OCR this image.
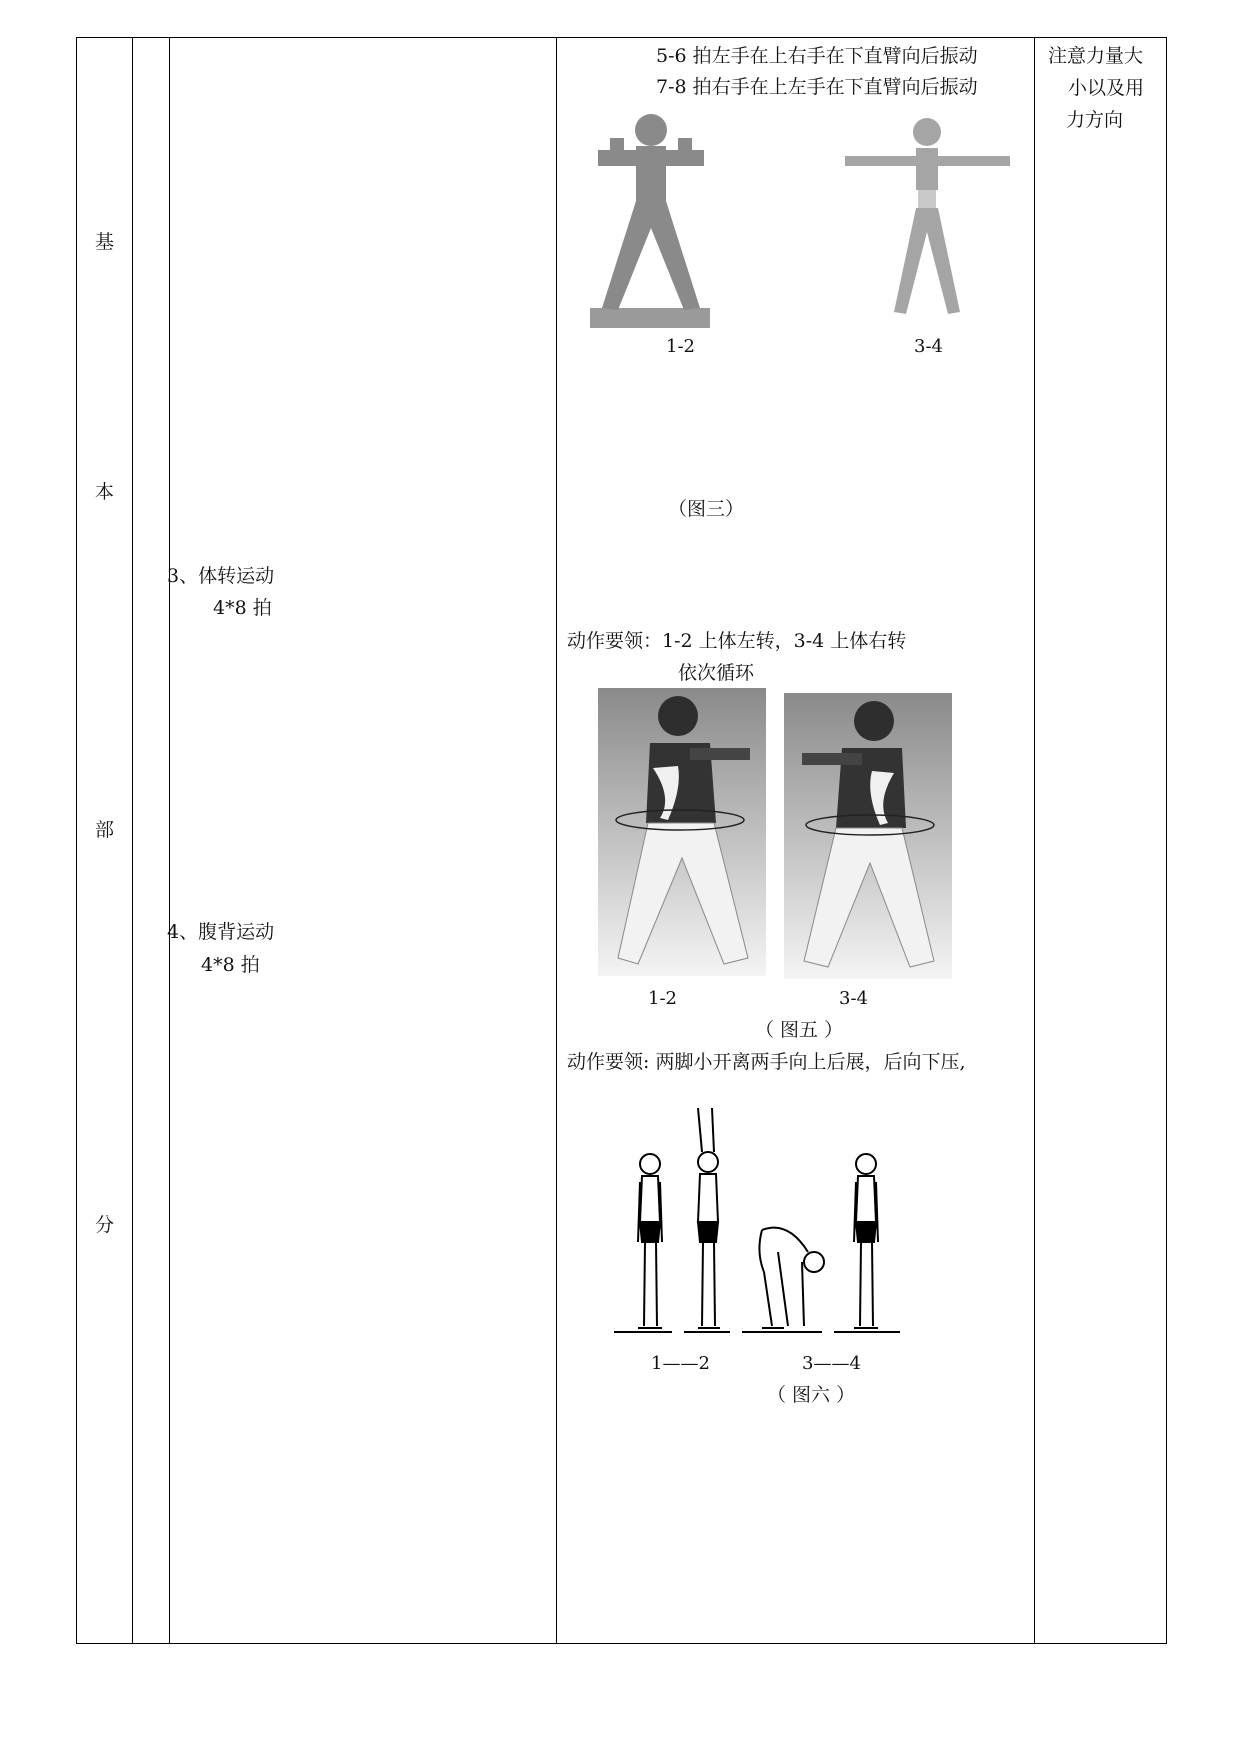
基
本
部
分
3、体转运动
4*8 拍
4、腹背运动
4*8 拍
5-6 拍左手在上右手在下直臂向后振动
7-8 拍右手在上左手在下直臂向后振动
1-2	3-4
（图三）
动作要领：1-2 上体左转，3-4 上体右转
依次循环
1-2	3-4
（ 图五 ）
动作要领: 两脚小开离两手向上后展，后向下压,
1——2	3——4
（ 图六 ）
注意力量大
小以及用
力方向
